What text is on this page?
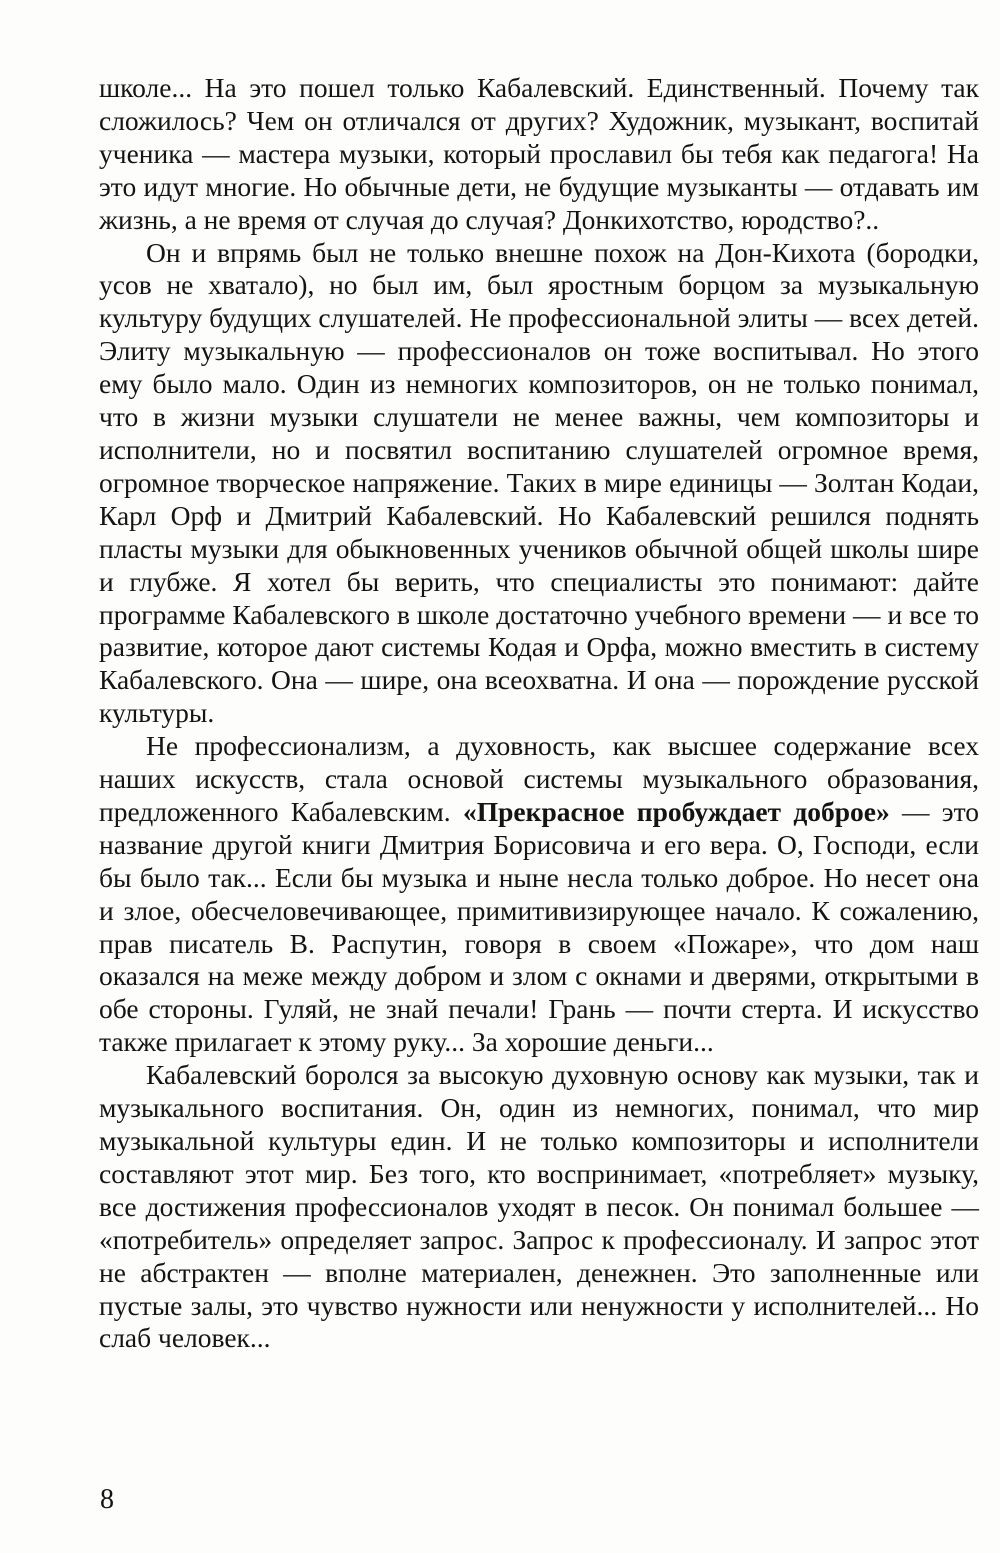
школе... На это пошел только Кабалевский. Единственный. Почему так сложилось? Чем он отличался от других? Художник, музыкант, воспитай ученика — мастера музыки, который прославил бы тебя как педагога! На это идут многие. Но обычные дети, не будущие музыканты — отдавать им жизнь, а не время от случая до случая? Донкихотство, юродство?..

Он и впрямь был не только внешне похож на Дон-Кихота (бородки, усов не хватало), но был им, был яростным борцом за музыкальную культуру будущих слушателей. Не профессиональной элиты — всех детей. Элиту музыкальную — профессионалов он тоже воспитывал. Но этого ему было мало. Один из немногих композиторов, он не только понимал, что в жизни музыки слушатели не менее важны, чем композиторы и исполнители, но и посвятил воспитанию слушателей огромное время, огромное творческое напряжение. Таких в мире единицы — Золтан Кодаи, Карл Орф и Дмитрий Кабалевский. Но Кабалевский решился поднять пласты музыки для обыкновенных учеников обычной общей школы шире и глубже. Я хотел бы верить, что специалисты это понимают: дайте программе Кабалевского в школе достаточно учебного времени — и все то развитие, которое дают системы Кодая и Орфа, можно вместить в систему Кабалевского. Она — шире, она всеохватна. И она — порождение русской культуры.

Не профессионализм, а духовность, как высшее содержание всех наших искусств, стала основой системы музыкального образования, предложенного Кабалевским. «Прекрасное пробуждает доброе» — это название другой книги Дмитрия Борисовича и его вера. О, Господи, если бы было так... Если бы музыка и ныне несла только доброе. Но несет она и злое, обесчеловечивающее, примитивизирующее начало. К сожалению, прав писатель В. Распутин, говоря в своем «Пожаре», что дом наш оказался на меже между добром и злом с окнами и дверями, открытыми в обе стороны. Гуляй, не знай печали! Грань — почти стерта. И искусство также прилагает к этому руку... За хорошие деньги...

Кабалевский боролся за высокую духовную основу как музыки, так и музыкального воспитания. Он, один из немногих, понимал, что мир музыкальной культуры един. И не только композиторы и исполнители составляют этот мир. Без того, кто воспринимает, «потребляет» музыку, все достижения профессионалов уходят в песок. Он понимал большее — «потребитель» определяет запрос. Запрос к профессионалу. И запрос этот не абстрактен — вполне материален, денежнен. Это заполненные или пустые залы, это чувство нужности или ненужности у исполнителей... Но слаб человек...

8
